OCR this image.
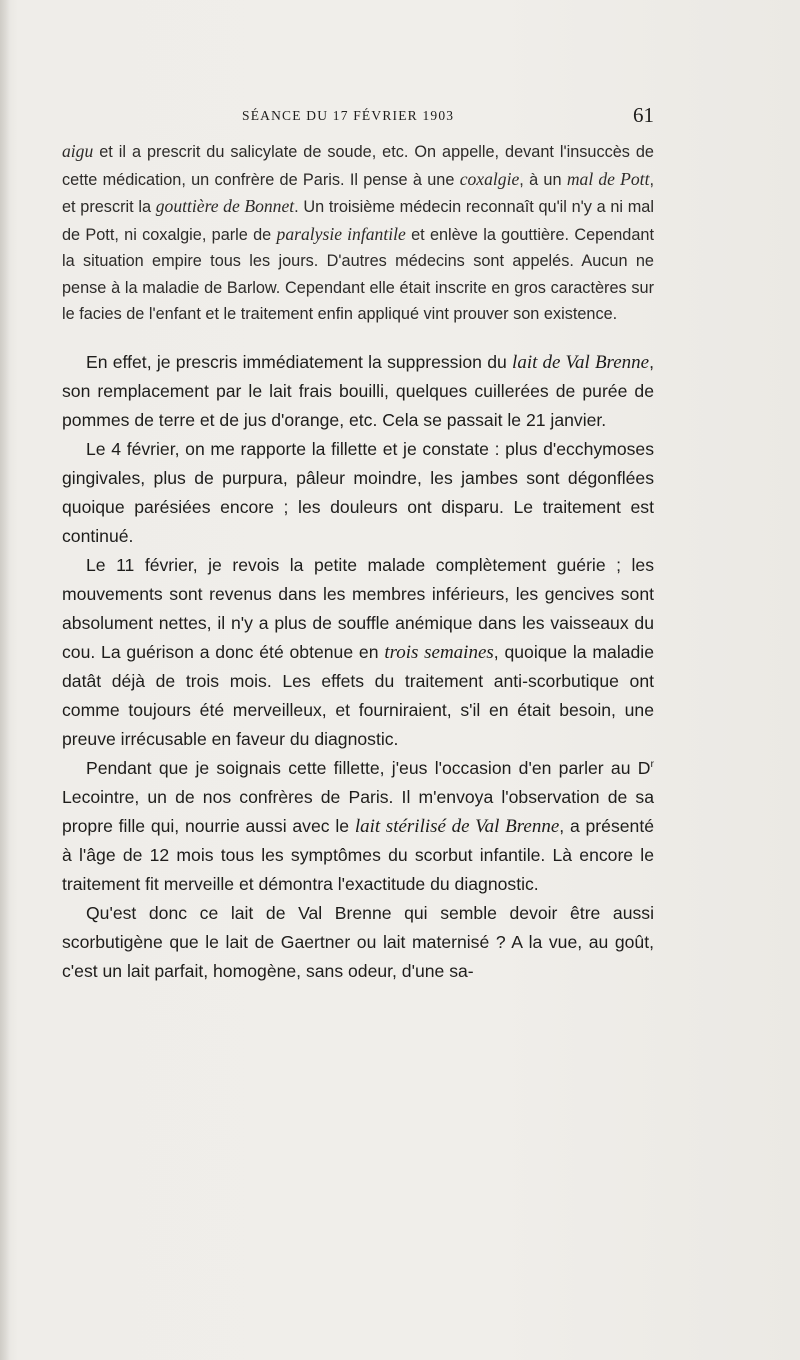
SÉANCE DU 17 FÉVRIER 1903	61

aigu et il a prescrit du salicylate de soude, etc. On appelle, devant l'insuccès de cette médication, un confrère de Paris. Il pense à une coxalgie, à un mal de Pott, et prescrit la gouttière de Bonnet. Un troisième médecin reconnaît qu'il n'y a ni mal de Pott, ni coxalgie, parle de paralysie infantile et enlève la gouttière. Cependant la situation empire tous les jours. D'autres médecins sont appelés. Aucun ne pense à la maladie de Barlow. Cependant elle était inscrite en gros caractères sur le facies de l'enfant et le traitement enfin appliqué vint prouver son existence.

En effet, je prescris immédiatement la suppression du lait de Val Brenne, son remplacement par le lait frais bouilli, quelques cuillerées de purée de pommes de terre et de jus d'orange, etc. Cela se passait le 21 janvier.

Le 4 février, on me rapporte la fillette et je constate : plus d'ecchymoses gingivales, plus de purpura, pâleur moindre, les jambes sont dégonflées quoique parésiées encore ; les douleurs ont disparu. Le traitement est continué.

Le 11 février, je revois la petite malade complètement guérie ; les mouvements sont revenus dans les membres inférieurs, les gencives sont absolument nettes, il n'y a plus de souffle anémique dans les vaisseaux du cou. La guérison a donc été obtenue en trois semaines, quoique la maladie datât déjà de trois mois. Les effets du traitement anti-scorbutique ont comme toujours été merveilleux, et fourniraient, s'il en était besoin, une preuve irrécusable en faveur du diagnostic.

Pendant que je soignais cette fillette, j'eus l'occasion d'en parler au $D^r$ Lecointre, un de nos confrères de Paris. Il m'envoya l'observation de sa propre fille qui, nourrie aussi avec le lait stérilisé de Val Brenne, a présenté à l'âge de 12 mois tous les symptômes du scorbut infantile. Là encore le traitement fit merveille et démontra l'exactitude du diagnostic.

Qu'est donc ce lait de Val Brenne qui semble devoir être aussi scorbutigène que le lait de Gaertner ou lait maternisé ? A la vue, au goût, c'est un lait parfait, homogène, sans odeur, d'une sa-
